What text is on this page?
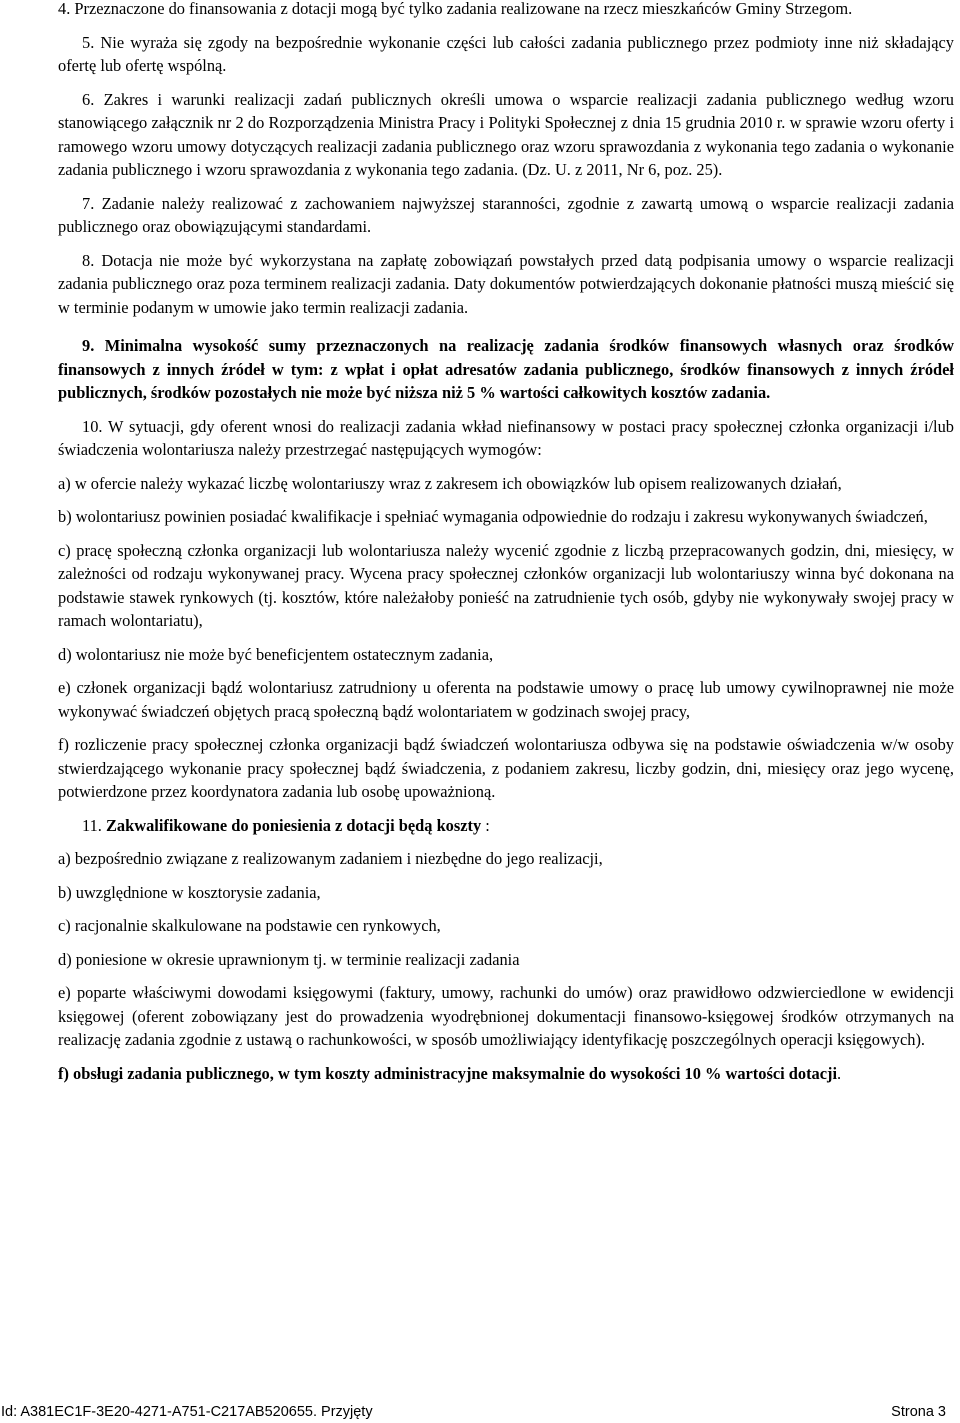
4. Przeznaczone do finansowania z dotacji mogą być tylko zadania realizowane na rzecz mieszkańców Gminy Strzegom.

5. Nie wyraża się zgody na bezpośrednie wykonanie części lub całości zadania publicznego przez podmioty inne niż składający ofertę lub ofertę wspólną.

6. Zakres i warunki realizacji zadań publicznych określi umowa o wsparcie realizacji zadania publicznego według wzoru stanowiącego załącznik nr 2 do Rozporządzenia Ministra Pracy i Polityki Społecznej z dnia 15 grudnia 2010 r. w sprawie wzoru oferty i ramowego wzoru umowy dotyczących realizacji zadania publicznego oraz wzoru sprawozdania z wykonania tego zadania o wykonanie zadania publicznego i wzoru sprawozdania z wykonania tego zadania. (Dz. U. z 2011, Nr 6, poz. 25).

7. Zadanie należy realizować z zachowaniem najwyższej staranności, zgodnie z zawartą umową o wsparcie realizacji zadania publicznego oraz obowiązującymi standardami.

8. Dotacja nie może być wykorzystana na zapłatę zobowiązań powstałych przed datą podpisania umowy o wsparcie realizacji zadania publicznego oraz poza terminem realizacji zadania. Daty dokumentów potwierdzających dokonanie płatności muszą mieścić się w terminie podanym w umowie jako termin realizacji zadania.

9. Minimalna wysokość sumy przeznaczonych na realizację zadania środków finansowych własnych oraz środków finansowych z innych źródeł w tym: z wpłat i opłat adresatów zadania publicznego, środków finansowych z innych źródeł publicznych, środków pozostałych nie może być niższa niż 5 % wartości całkowitych kosztów zadania.

10. W sytuacji, gdy oferent wnosi do realizacji zadania wkład niefinansowy w postaci pracy społecznej członka organizacji i/lub świadczenia wolontariusza należy przestrzegać następujących wymogów:

a) w ofercie należy wykazać liczbę wolontariuszy wraz z zakresem ich obowiązków lub opisem realizowanych działań,

b) wolontariusz powinien posiadać kwalifikacje i spełniać wymagania odpowiednie do rodzaju i zakresu wykonywanych świadczeń,

c) pracę społeczną członka organizacji lub wolontariusza należy wycenić zgodnie z liczbą przepracowanych godzin, dni, miesięcy, w zależności od rodzaju wykonywanej pracy. Wycena pracy społecznej członków organizacji lub wolontariuszy winna być dokonana na podstawie stawek rynkowych (tj. kosztów, które należałoby ponieść na zatrudnienie tych osób, gdyby nie wykonywały swojej pracy w ramach wolontariatu),

d) wolontariusz nie może być beneficjentem ostatecznym zadania,

e) członek organizacji bądź wolontariusz zatrudniony u oferenta na podstawie umowy o pracę lub umowy cywilnoprawnej nie może wykonywać świadczeń objętych pracą społeczną bądź wolontariatem w godzinach swojej pracy,

f) rozliczenie pracy społecznej członka organizacji bądź świadczeń wolontariusza odbywa się na podstawie oświadczenia w/w osoby stwierdzającego wykonanie pracy społecznej bądź świadczenia, z podaniem zakresu, liczby godzin, dni, miesięcy oraz jego wycenę, potwierdzone przez koordynatora zadania lub osobę upoważnioną.

11. Zakwalifikowane do poniesienia z dotacji będą koszty :

a) bezpośrednio związane z realizowanym zadaniem i niezbędne do jego realizacji,

b) uwzględnione w kosztorysie zadania,

c) racjonalnie skalkulowane na podstawie cen rynkowych,

d) poniesione w okresie uprawnionym tj. w terminie realizacji zadania

e) poparte właściwymi dowodami księgowymi (faktury, umowy, rachunki do umów) oraz prawidłowo odzwierciedlone w ewidencji księgowej (oferent zobowiązany jest do prowadzenia wyodrębnionej dokumentacji finansowo-księgowej środków otrzymanych na realizację zadania zgodnie z ustawą o rachunkowości, w sposób umożliwiający identyfikację poszczególnych operacji księgowych).

f) obsługi zadania publicznego, w tym koszty administracyjne maksymalnie do wysokości 10 % wartości dotacji.

Id: A381EC1F-3E20-4271-A751-C217AB520655. Przyjęty	Strona 3
